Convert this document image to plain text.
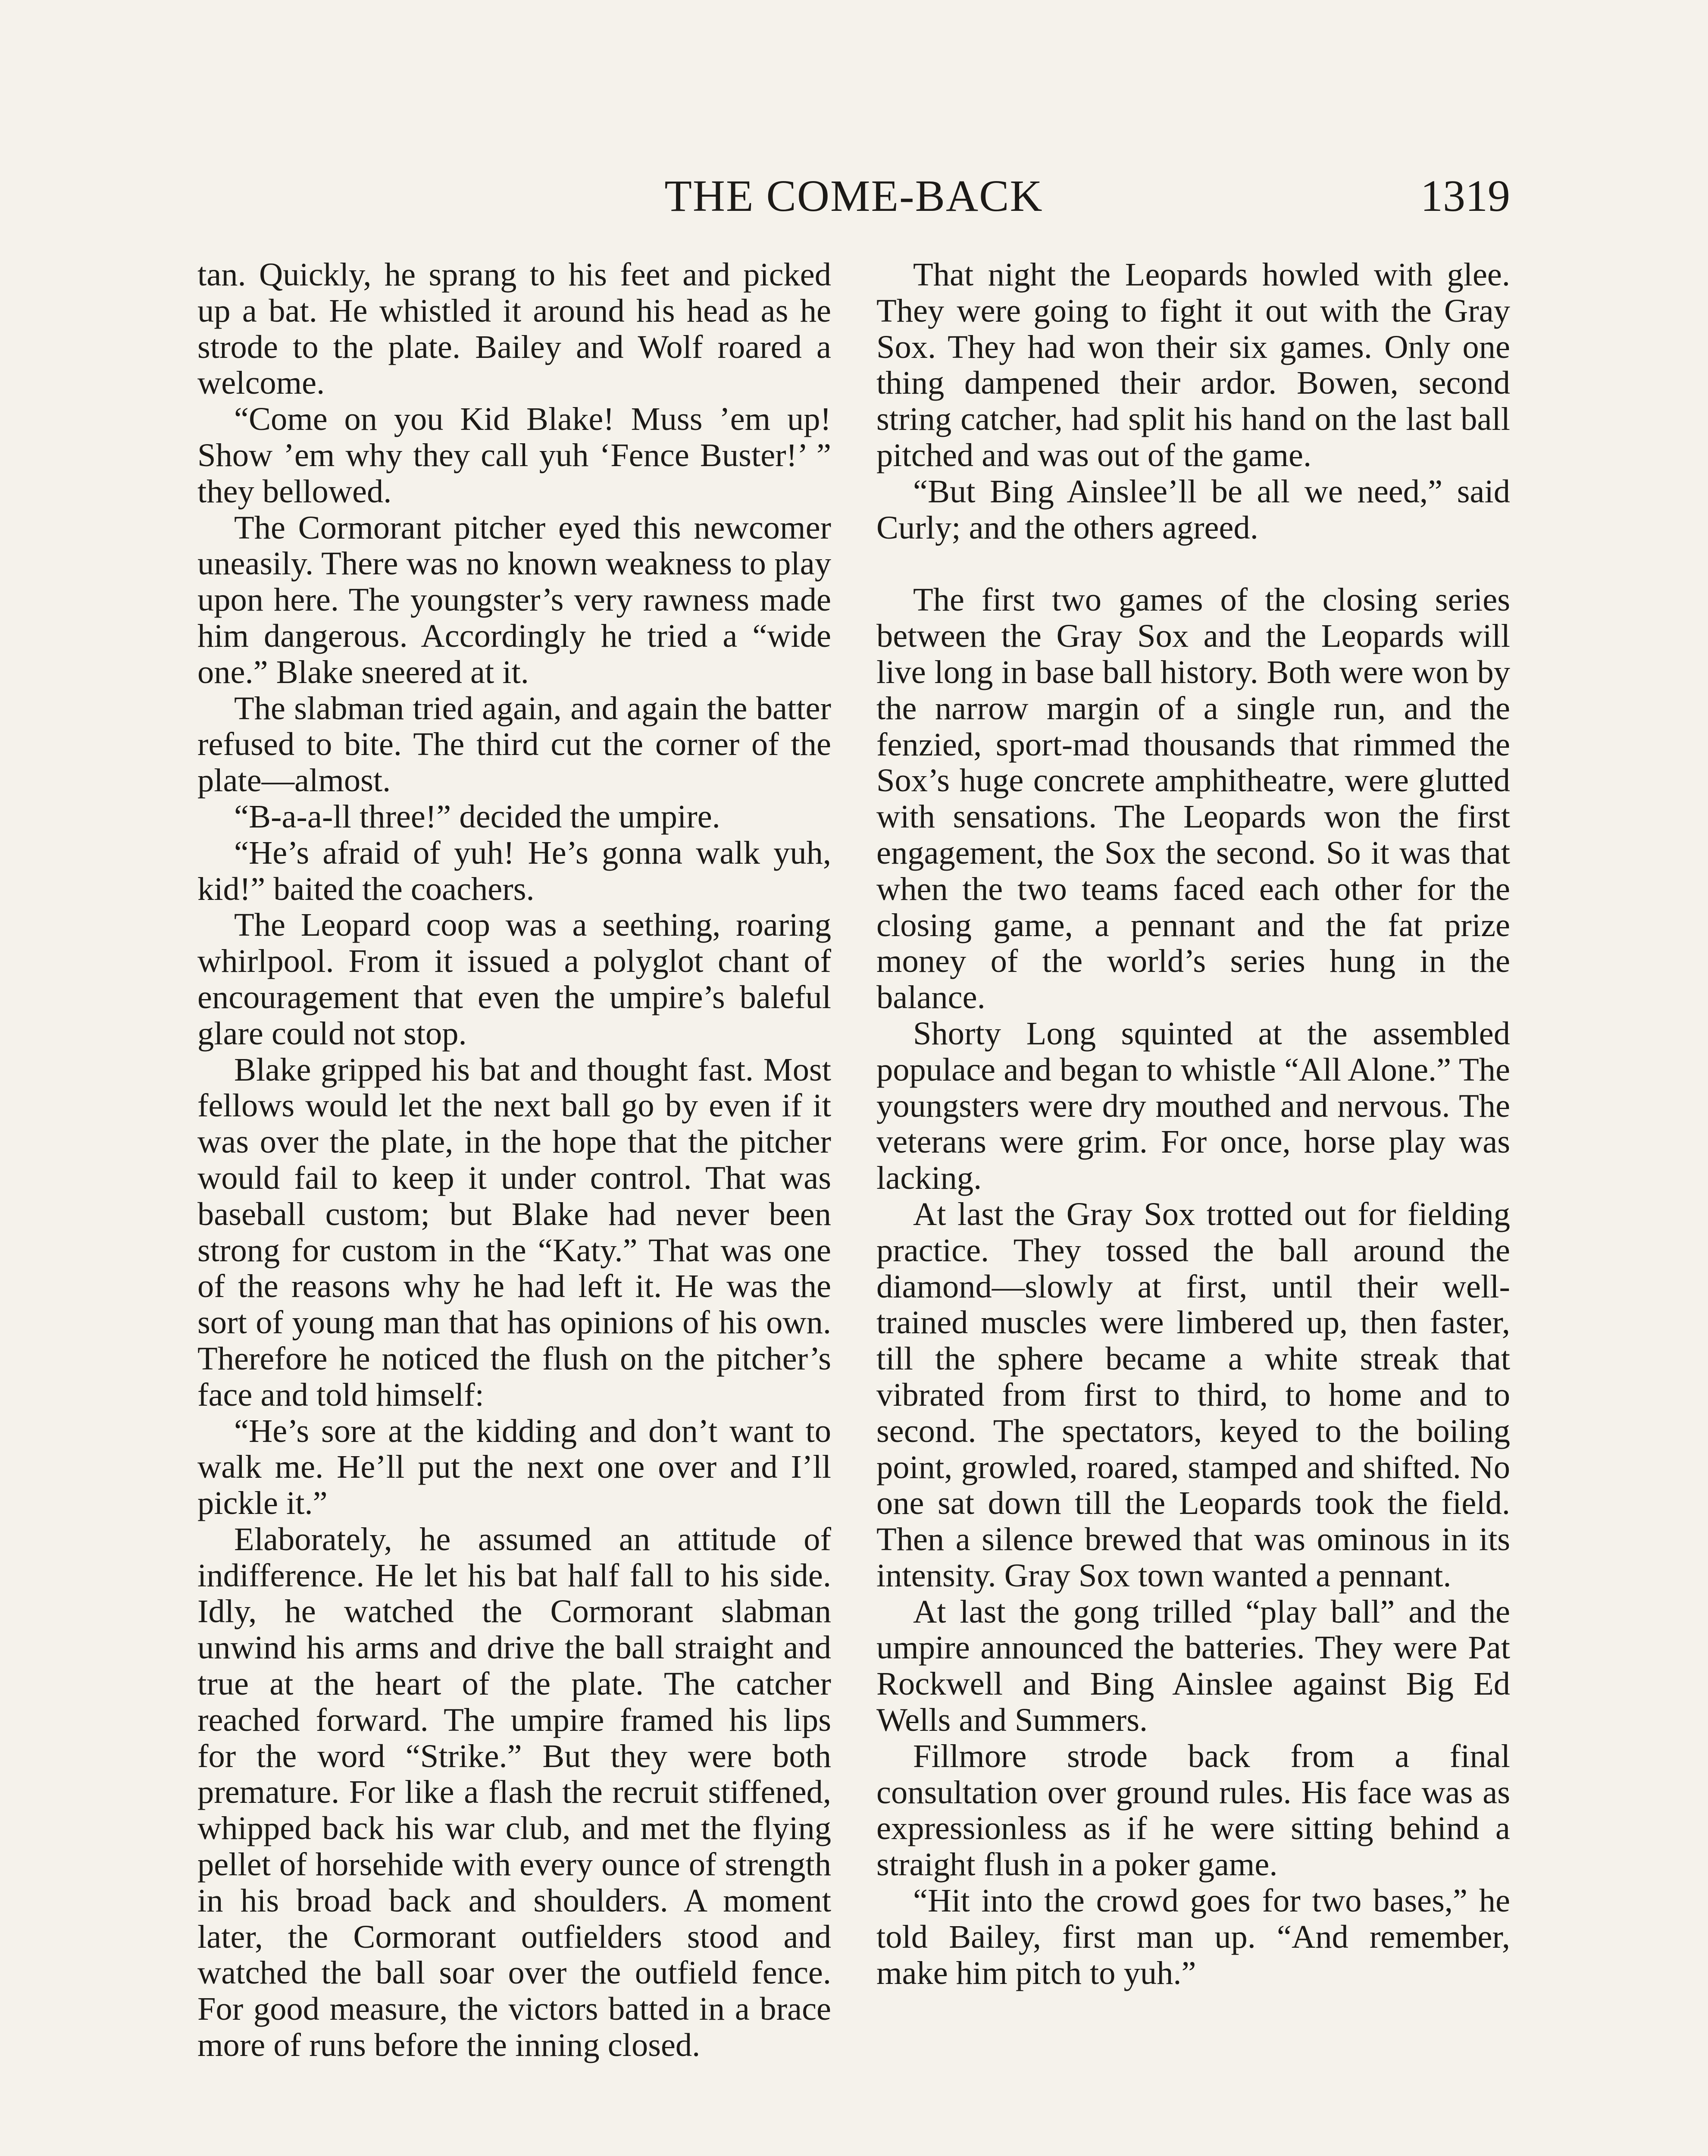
THE COME-BACK	1319

tan. Quickly, he sprang to his feet and picked up a bat. He whistled it around his head as he strode to the plate. Bailey and Wolf roared a welcome.

“Come on you Kid Blake! Muss ’em up! Show ’em why they call yuh ‘Fence Buster!’ ” they bellowed.

The Cormorant pitcher eyed this newcomer uneasily. There was no known weakness to play upon here. The youngster’s very rawness made him dangerous. Accordingly he tried a “wide one.” Blake sneered at it.

The slabman tried again, and again the batter refused to bite. The third cut the corner of the plate—almost.

“B-a-a-ll three!” decided the umpire.

“He’s afraid of yuh! He’s gonna walk yuh, kid!” baited the coachers.

The Leopard coop was a seething, roaring whirlpool. From it issued a polyglot chant of encouragement that even the umpire’s baleful glare could not stop.

Blake gripped his bat and thought fast. Most fellows would let the next ball go by even if it was over the plate, in the hope that the pitcher would fail to keep it under control. That was baseball custom; but Blake had never been strong for custom in the “Katy.” That was one of the reasons why he had left it. He was the sort of young man that has opinions of his own. Therefore he noticed the flush on the pitcher’s face and told himself:

“He’s sore at the kidding and don’t want to walk me. He’ll put the next one over and I’ll pickle it.”

Elaborately, he assumed an attitude of indifference. He let his bat half fall to his side. Idly, he watched the Cormorant slabman unwind his arms and drive the ball straight and true at the heart of the plate. The catcher reached forward. The umpire framed his lips for the word “Strike.” But they were both premature. For like a flash the recruit stiffened, whipped back his war club, and met the flying pellet of horsehide with every ounce of strength in his broad back and shoulders. A moment later, the Cormorant outfielders stood and watched the ball soar over the outfield fence. For good measure, the victors batted in a brace more of runs before the inning closed.

That night the Leopards howled with glee. They were going to fight it out with the Gray Sox. They had won their six games. Only one thing dampened their ardor. Bowen, second string catcher, had split his hand on the last ball pitched and was out of the game.

“But Bing Ainslee’ll be all we need,” said Curly; and the others agreed.

The first two games of the closing series between the Gray Sox and the Leopards will live long in base ball history. Both were won by the narrow margin of a single run, and the fenzied, sport-mad thousands that rimmed the Sox’s huge concrete amphitheatre, were glutted with sensations. The Leopards won the first engagement, the Sox the second. So it was that when the two teams faced each other for the closing game, a pennant and the fat prize money of the world’s series hung in the balance.

Shorty Long squinted at the assembled populace and began to whistle “All Alone.” The youngsters were dry mouthed and nervous. The veterans were grim. For once, horse play was lacking.

At last the Gray Sox trotted out for fielding practice. They tossed the ball around the diamond—slowly at first, until their well-trained muscles were limbered up, then faster, till the sphere became a white streak that vibrated from first to third, to home and to second. The spectators, keyed to the boiling point, growled, roared, stamped and shifted. No one sat down till the Leopards took the field. Then a silence brewed that was ominous in its intensity. Gray Sox town wanted a pennant.

At last the gong trilled “play ball” and the umpire announced the batteries. They were Pat Rockwell and Bing Ainslee against Big Ed Wells and Summers.

Fillmore strode back from a final consultation over ground rules. His face was as expressionless as if he were sitting behind a straight flush in a poker game.

“Hit into the crowd goes for two bases,” he told Bailey, first man up. “And remember, make him pitch to yuh.”
